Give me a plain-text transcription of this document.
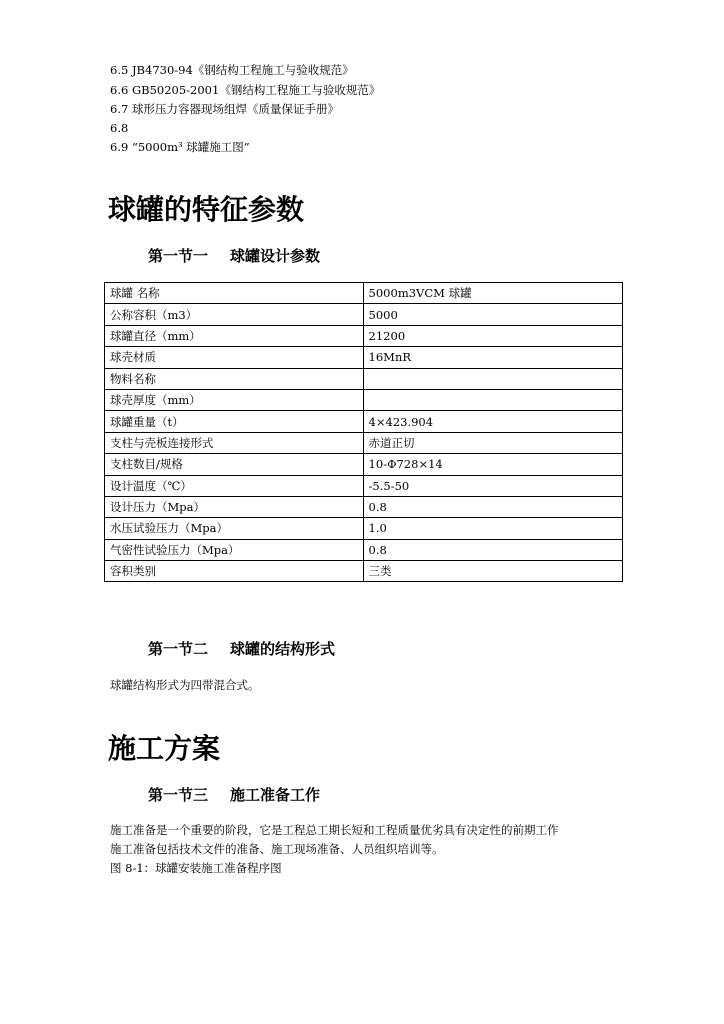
6.5 JB4730-94《钢结构工程施工与验收规范》
6.6 GB50205-2001《钢结构工程施工与验收规范》
6.7 球形压力容器现场组焊《质量保证手册》
6.8
6.9 “5000m³ 球罐施工图”
球罐的特征参数
第一节一 球罐设计参数
球罐 名称	5000m3VCM 球罐
公称容积（m3）	5000
球罐直径（mm）	21200
球壳材质	16MnR
物料名称	
球壳厚度（mm）	
球罐重量（t）	4×423.904
支柱与壳板连接形式	赤道正切
支柱数目/规格	10-Φ728×14
设计温度（℃）	-5.5-50
设计压力（Mpa）	0.8
水压试验压力（Mpa）	1.0
气密性试验压力（Mpa）	0.8
容积类别	三类
第一节二 球罐的结构形式
球罐结构形式为四带混合式。
施工方案
第一节三 施工准备工作
施工准备是一个重要的阶段，它是工程总工期长短和工程质量优劣具有决定性的前期工作
施工准备包括技术文件的准备、施工现场准备、人员组织培训等。
图 8-1：球罐安装施工准备程序图
